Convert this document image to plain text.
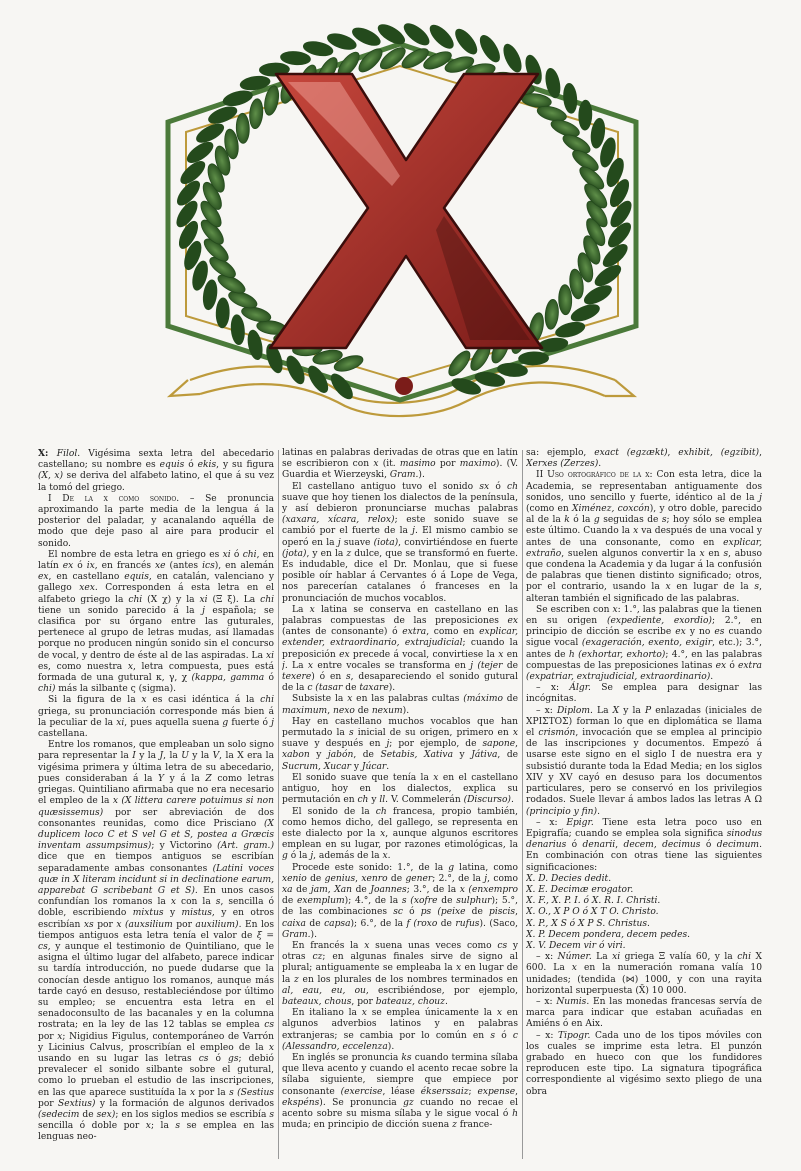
X: Filol. Vigésima sexta letra del abecedario castellano; su nombre es equis ó ekis, y su figura (X, x) se deriva del alfabeto latino, el que á su vez la tomó del griego.

I De la x como sonido. – Se pronuncia aproximando la parte media de la lengua á la posterior del paladar, y acanalando aquélla de modo que deje paso al aire para producir el sonido.

El nombre de esta letra en griego es xi ó chi, en latín ex ó ix, en francés xe (antes ics), en alemán ex, en castellano equis, en catalán, valenciano y gallego xex. Corresponden á esta letra en el alfabeto griego la chi (X χ) y la xi (Ξ ξ). La chi tiene un sonido parecido á la j española; se clasifica por su órgano entre las guturales, pertenece al grupo de letras mudas, así llamadas porque no producen ningún sonido sin el concurso de vocal, y dentro de éste al de las aspiradas. La xi es, como nuestra x, letra compuesta, pues está formada de una gutural κ, γ, χ (kappa, gamma ó chi) más la silbante ς (sigma).

Si la figura de la x es casi idéntica á la chi griega, su pronunciación corresponde más bien á la peculiar de la xi, pues aquella suena g fuerte ó j castellana.

Entre los romanos, que empleaban un solo signo para representar la I y la J, la U y la V, la X era la vigésima primera y última letra de su abecedario, pues consideraban á la Y y á la Z como letras griegas. Quintiliano afirmaba que no era necesario el empleo de la x (X littera carere potuimus si non quæsissemus) por ser abreviación de dos consonantes reunidas, como dice Priscianο (X duplicem loco C et S vel G et S, postea a Græcis inventam assumpsimus); y Victorino (Art. gram.) dice que en tiempos antiguos se escribían separadamente ambas consonantes (Latini voces quæ in X literam incidunt si in declinatione earum, apparebat G scribebant G et S). En unos casos confundían los romanos la x con la s, sencilla ó doble, escribiendo mixtus y mistus, y en otros escribían xs por x (auxsilium por auxilium). En los tiempos antiguos esta letra tenía el valor de ξ = cs, y aunque el testimonio de Quintiliano, que le asigna el último lugar del alfabeto, parece indicar su tardía introducción, no puede dudarse que la conocían desde antiguo los romanos, aunque más tarde cayó en desuso, restableciéndose por último su empleo; se encuentra esta letra en el senadoconsulto de las bacanales y en la columna rostrata; en la ley de las 12 tablas se emplea cs por x; Nigidius Figulus, contemporáneo de Varrón y Licinius Calvus, proscribían el empleo de la x usando en su lugar las letras cs ó gs; debió prevalecer el sonido silbante sobre el gutural, como lo prueban el estudio de las inscripciones, en las que aparece sustituída la x por la s (Sestius por Sextius) y la formación de algunos derivados (sedecim de sex); en los siglos medios se escribía s sencilla ó doble por x; la s se emplea en las lenguas neo-

latinas en palabras derivadas de otras que en latín se escribieron con x (it. masimo por maximo). (V. Guardia et Wierzeyski, Gram.).

El castellano antiguo tuvo el sonido sx ó ch suave que hoy tienen los dialectos de la península, y así debieron pronunciarse muchas palabras (xaxara, xícara, relox); este sonido suave se cambió por el fuerte de la j. El mismo cambio se operó en la j suave (iota), convirtiéndose en fuerte (jota), y en la z dulce, que se transformó en fuerte. Es indudable, dice el Dr. Monlau, que si fuese posible oír hablar á Cervantes ó á Lope de Vega, nos parecerían catalanes ó franceses en la pronunciación de muchos vocablos.

La x latina se conserva en castellano en las palabras compuestas de las preposiciones ex (antes de consonante) ó extra, como en explicar, extender, extraordinario, extrajudicial; cuando la preposición ex precede á vocal, convirtiese la x en j. La x entre vocales se transforma en j (tejer de texere) ó en s, desapareciendo el sonido gutural de la c (tasar de taxare).

Subsiste la x en las palabras cultas (máximo de maximum, nexo de nexum).

Hay en castellano muchos vocablos que han permutado la s inicial de su origen, primero en x suave y después en j; por ejemplo, de sapone, xabon y jabón, de Setabis, Xativa y Játiva, de Sucrum, Xucar y Júcar.

El sonido suave que tenía la x en el castellano antiguo, hoy en los dialectos, explica su permutación en ch y ll. V. Commelerán (Discurso).

El sonido de la ch francesa, propio también, como hemos dicho, del gallego, se representa en este dialecto por la x, aunque algunos escritores emplean en su lugar, por razones etimológicas, la g ó la j, además de la x.

Procede este sonido: 1.°, de la g latina, como xenio de genius, xenro de gener; 2.°, de la j, como xa de jam, Xan de Joannes; 3.°, de la x (enxempro de exemplum); 4.°, de la s (xofre de sulphur); 5.°, de las combinaciones sc ó ps (peixe de piscis, caixa de capsa); 6.°, de la f (roxo de rufus). (Saco, Gram.).

En francés la x suena unas veces como cs y otras cz; en algunas finales sirve de signo al plural; antiguamente se empleaba la x en lugar de la z en los plurales de los nombres terminados en al, eau, eu, ou, escribiéndose, por ejemplo, bateaux, chous, por bateauz, chouz.

En italiano la x se emplea únicamente la x en algunos adverbios latinos y en palabras extranjeras; se cambia por lo común en s ó c (Alessandro, eccelenza).

En inglés se pronuncia ks cuando termina sílaba que lleva acento y cuando el acento recae sobre la sílaba siguiente, siempre que empiece por consonante (exercise, léase ékserssaiz; expense, ekspéns). Se pronuncia gz cuando no recae el acento sobre su misma sílaba y le sigue vocal ó h muda; en principio de dicción suena z france-

sa: ejemplo, exact (egzækt), exhibit, (egzíbit), Xerxes (Zerzes).

II Uso ortográfico de la x: Con esta letra, dice la Academia, se representaban antiguamente dos sonidos, uno sencillo y fuerte, idéntico al de la j (como en Ximénez, coxcón), y otro doble, parecido al de la k ó la g seguidas de s; hoy sólo se emplea este último. Cuando la x va después de una vocal y antes de una consonante, como en explicar, extraño, suelen algunos convertir la x en s, abuso que condena la Academia y da lugar á la confusión de palabras que tienen distinto significado; otros, por el contrario, usando la x en lugar de la s, alteran también el significado de las palabras.

Se escriben con x: 1.°, las palabras que la tienen en su origen (expediente, exordio); 2.°, en principio de dicción se escribe ex y no es cuando sigue vocal (exageración, exento, exigir, etc.); 3.°, antes de h (exhortar, exhorto); 4.°, en las palabras compuestas de las preposiciones latinas ex ó extra (expatriar, extrajudicial, extraordinario).

– x: Álgr. Se emplea para designar las incógnitas.

– x: Diplom. La X y la P enlazadas (iniciales de XPIΣTOΣ) forman lo que en diplomática se llama el crismón, invocación que se emplea al principio de las inscripciones y documentos. Empezó á usarse este signo en el siglo I de nuestra era y subsistió durante toda la Edad Media; en los siglos XIV y XV cayó en desuso para los documentos particulares, pero se conservó en los privilegios rodados. Suele llevar á ambos lados las letras A Ω (principio y fin).

– x: Epigr. Tiene esta letra poco uso en Epigrafía; cuando se emplea sola significa sinodus denarius ó denarii, decem, decimus ó decimum. En combinación con otras tiene las siguientes significaciones:

X. D. Decies dedit.

X. E. Decimæ erogator.

X. F., X. P. I. ó X. R. I. Christi.

X. O., X P O ó X T O. Christo.

X. P., X S ó X P S. Christus.

X. P. Decem pondera, decem pedes.

X. V. Decem vir ó viri.

– x: Númer. La xi griega Ξ valía 60, y la chi X 600. La x en la numeración romana valía 10 unidades; (tendida (⋈) 1000, y con una rayita horizontal superpuesta (X̄) 10 000.

– x: Numis. En las monedas francesas servía de marca para indicar que estaban acuñadas en Amiéns ó en Aix.

– x: Tipogr. Cada uno de los tipos móviles con los cuales se imprime esta letra. El punzón grabado en hueco con que los fundidores reproducen este tipo. La signatura tipográfica correspondiente al vigésimo sexto pliego de una obra
